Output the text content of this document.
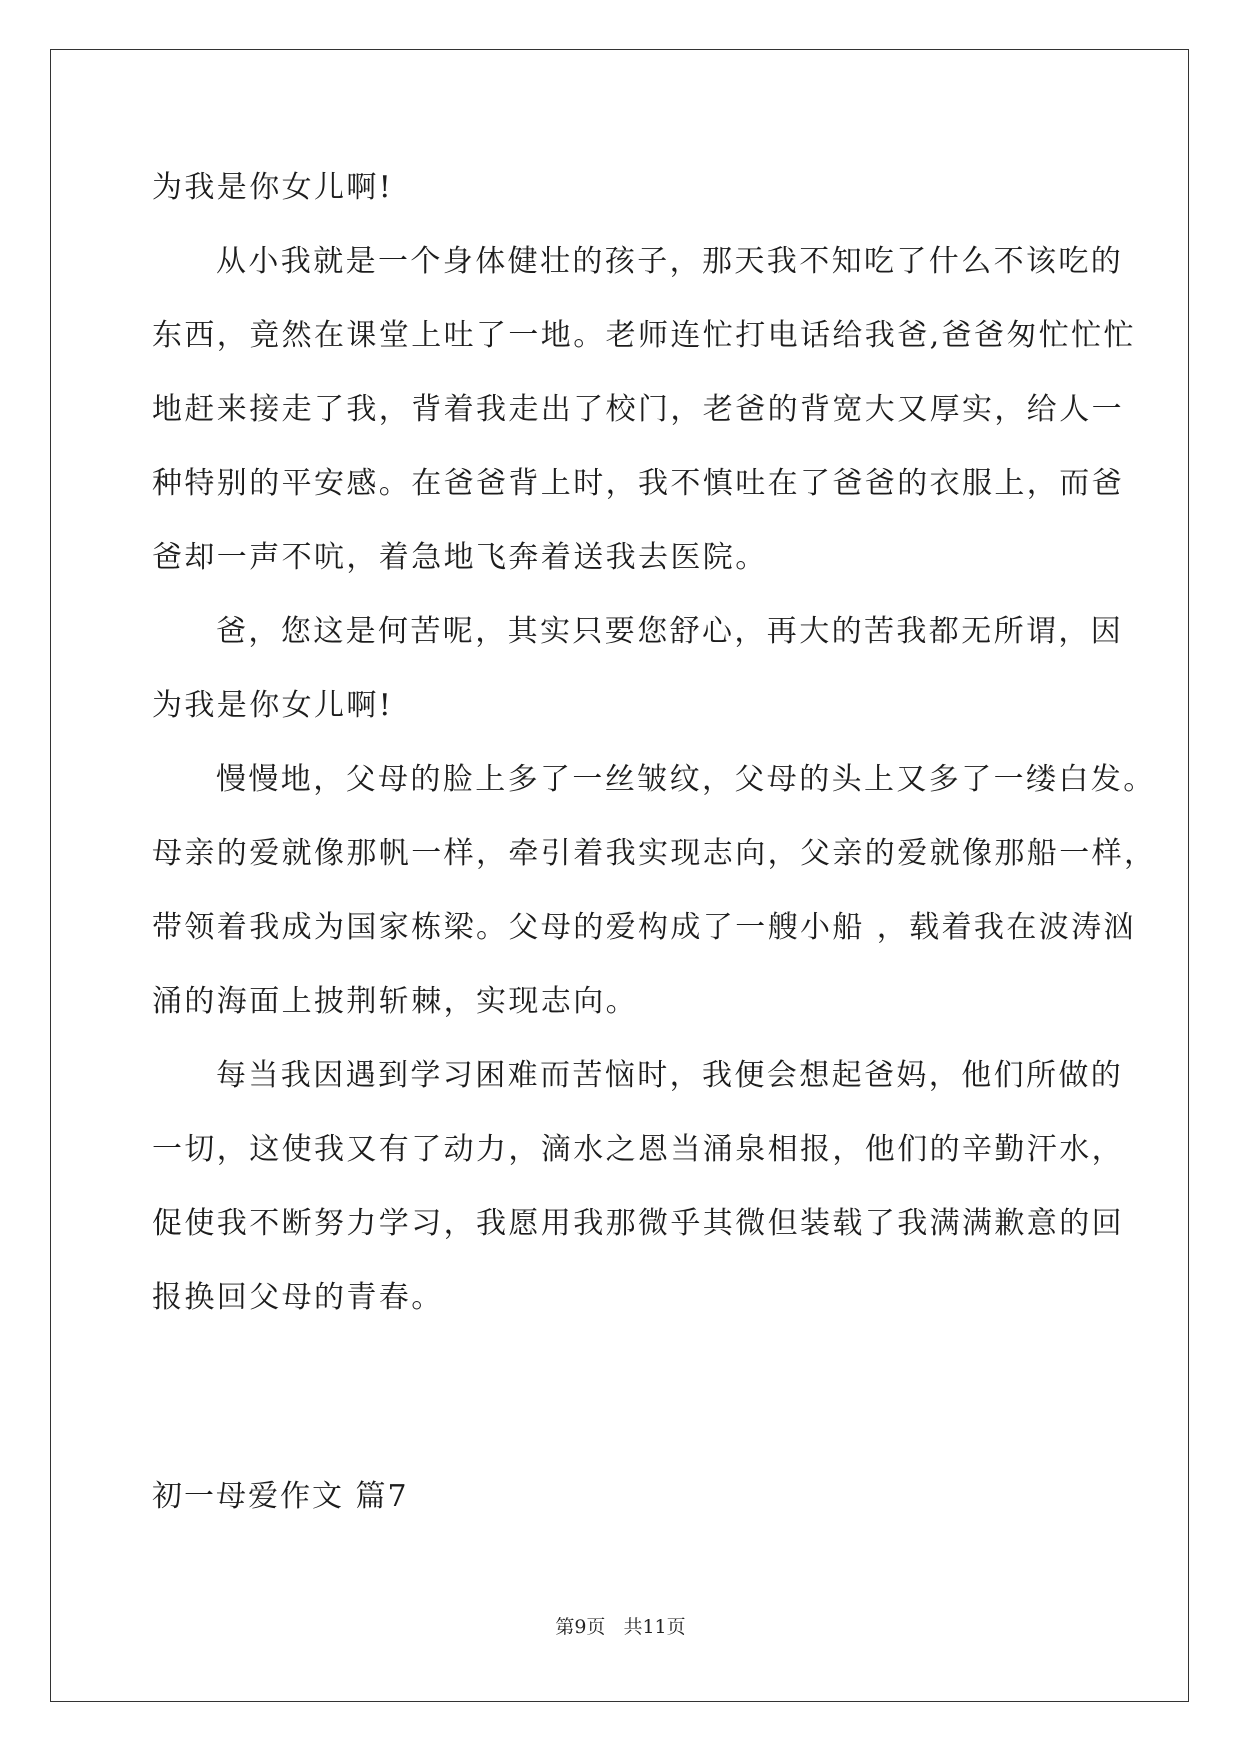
为我是你女儿啊!
从小我就是一个身体健壮的孩子，那天我不知吃了什么不该吃的
东西，竟然在课堂上吐了一地。老师连忙打电话给我爸,爸爸匆忙忙忙
地赶来接走了我，背着我走出了校门，老爸的背宽大又厚实，给人一
种特别的平安感。在爸爸背上时，我不慎吐在了爸爸的衣服上，而爸
爸却一声不吭，着急地飞奔着送我去医院。
爸，您这是何苦呢，其实只要您舒心，再大的苦我都无所谓，因
为我是你女儿啊!
慢慢地，父母的脸上多了一丝皱纹，父母的头上又多了一缕白发。
母亲的爱就像那帆一样，牵引着我实现志向，父亲的爱就像那船一样，
带领着我成为国家栋梁。父母的爱构成了一艘小船 ，载着我在波涛汹
涌的海面上披荆斩棘，实现志向。
每当我因遇到学习困难而苦恼时，我便会想起爸妈，他们所做的
一切，这使我又有了动力，滴水之恩当涌泉相报，他们的辛勤汗水，
促使我不断努力学习，我愿用我那微乎其微但装载了我满满歉意的回
报换回父母的青春。
初一母爱作文 篇7
第9页 共11页
